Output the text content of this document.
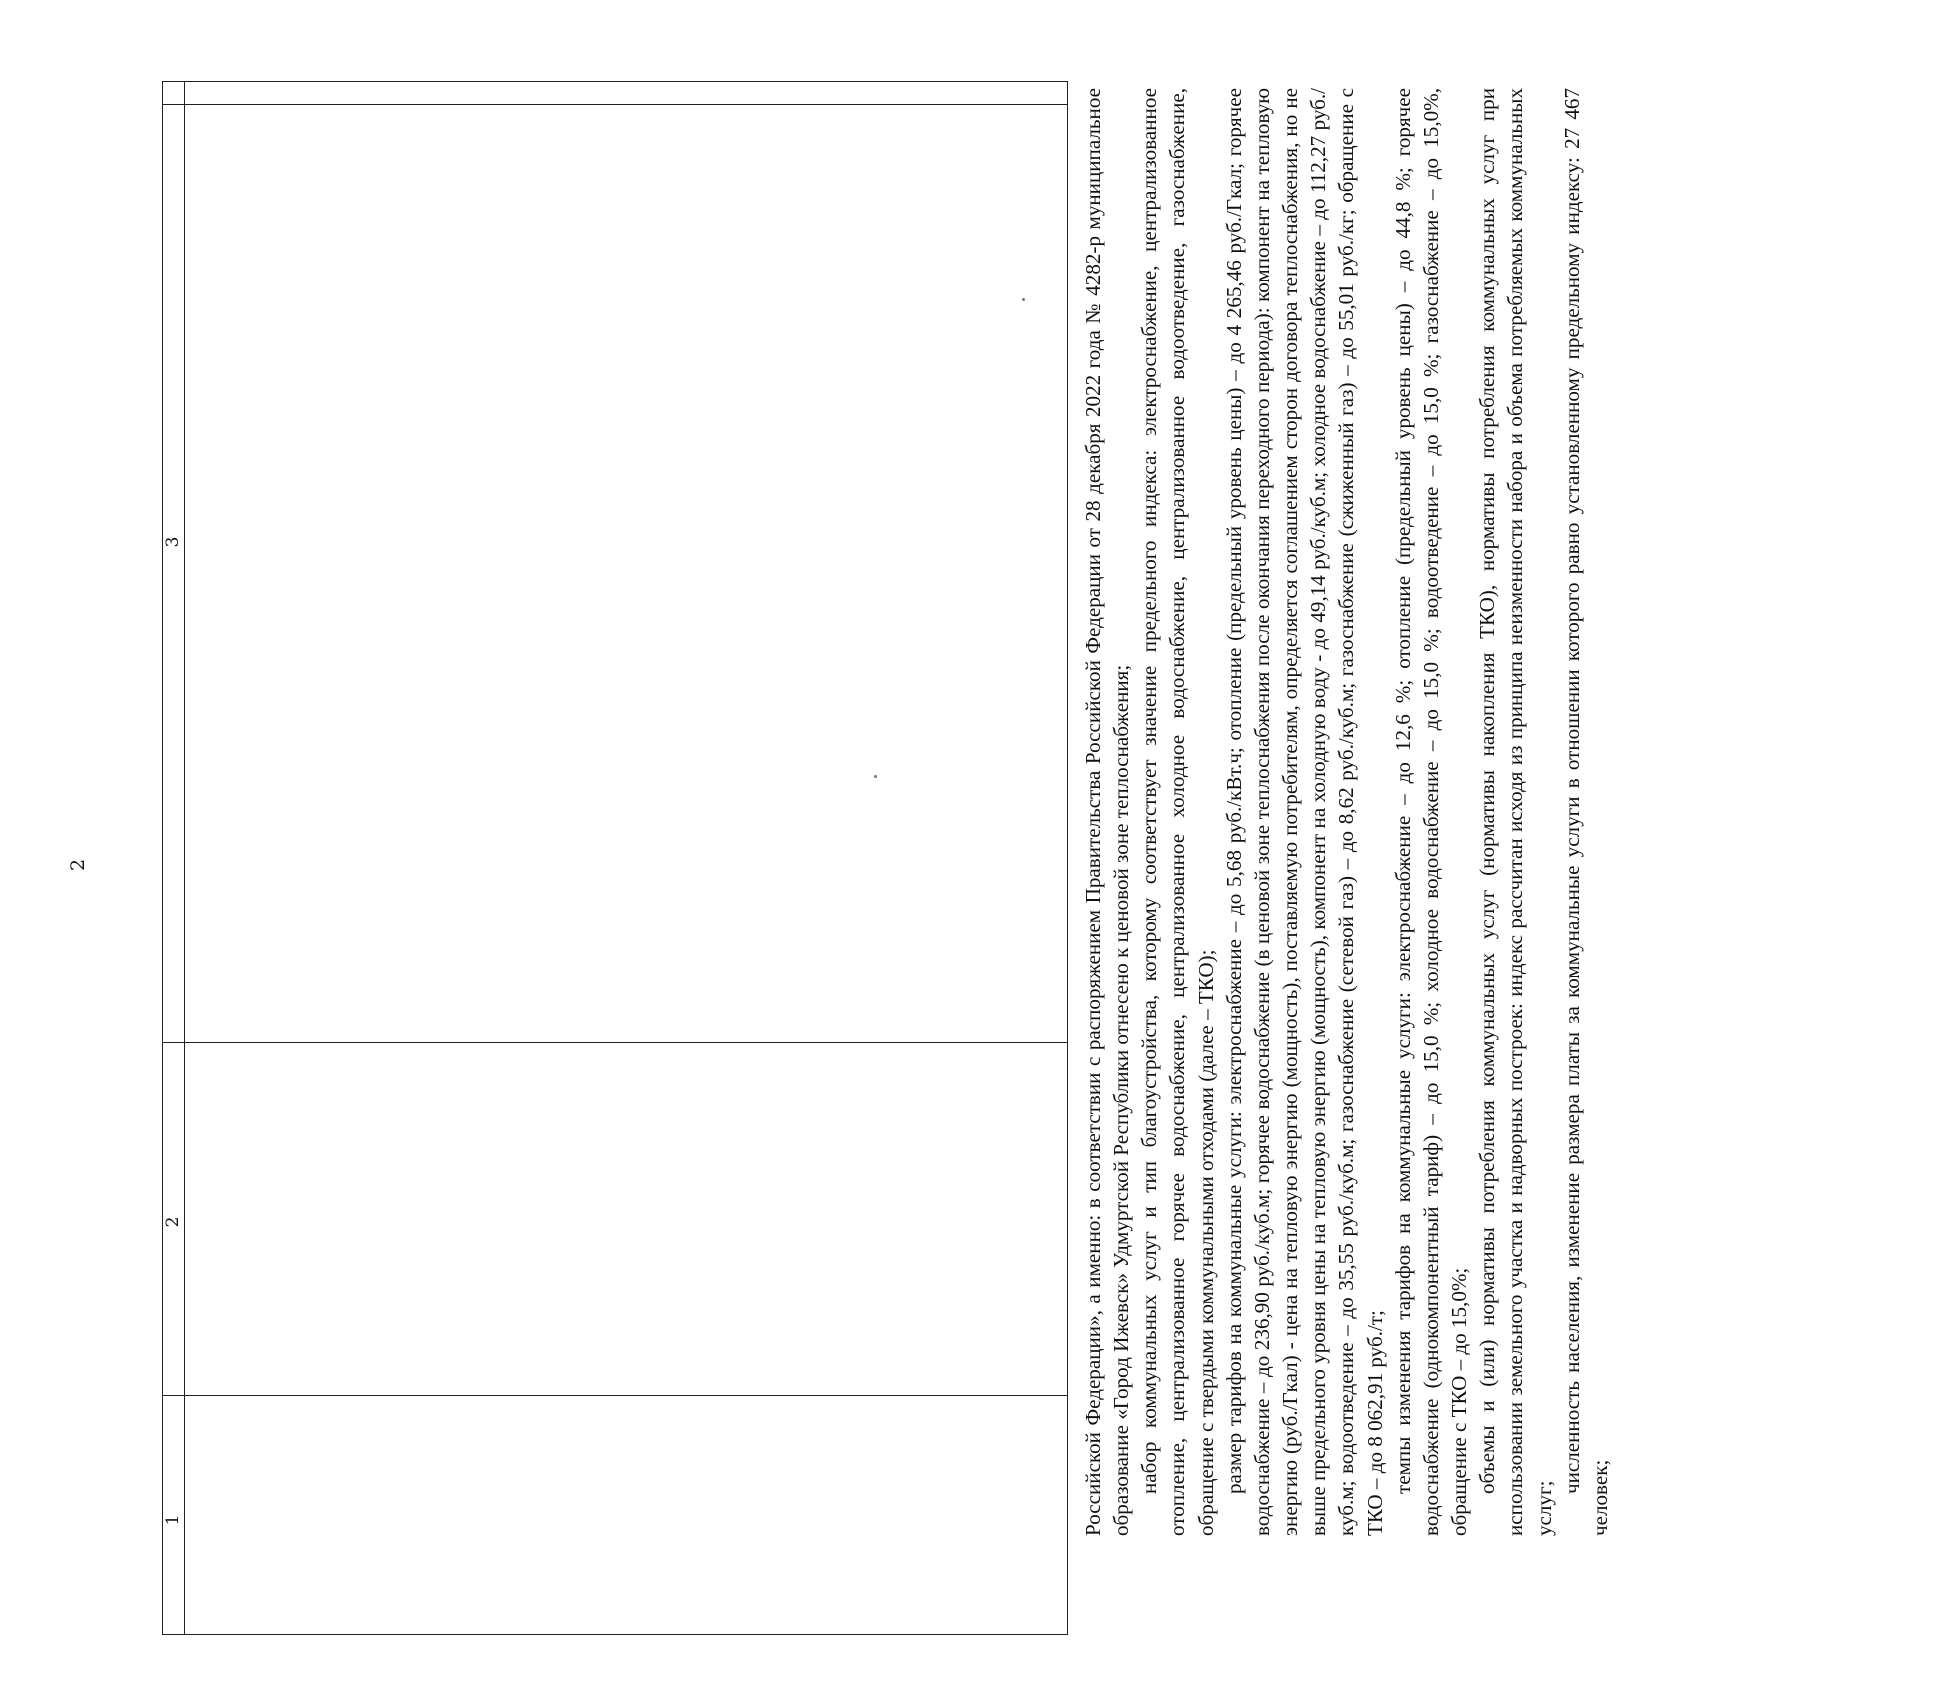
2
1
2
3	Российской Федерации», а именно: в соответствии с распоряжением Правительства Российской Федерации от 28 декабря 2022 года № 4282-р муниципальное образование «Город Ижевск» Удмуртской Республики отнесено к ценовой зоне теплоснабжения; набор коммунальных услуг и тип благоустройства, которому соответствует значение предельного индекса: электроснабжение, централизованное отопление, централизованное горячее водоснабжение, централизованное холодное водоснабжение, централизованное водоотведение, газоснабжение, обращение с твердыми коммунальными отходами (далее – ТКО); размер тарифов на коммунальные услуги: электроснабжение – до 5,68 руб./кВт.ч; отопление (предельный уровень цены) – до 4 265,46 руб./Гкал; горячее водоснабжение – до 236,90 руб./куб.м; горячее водоснабжение (в ценовой зоне теплоснабжения после окончания переходного периода): компонент на тепловую энергию (руб./Гкал) - цена на тепловую энергию (мощность), поставляемую потребителям, определяется соглашением сторон договора теплоснабжения, но не выше предельного уровня цены на тепловую энергию (мощность), компонент на холодную воду - до 49,14 руб./куб.м; холодное водоснабжение – до 112,27 руб./куб.м; водоотведение – до 35,55 руб./куб.м; газоснабжение (сетевой газ) – до 8,62 руб./куб.м; газоснабжение (сжиженный газ) – до 55,01 руб./кг; обращение с ТКО – до 8 062,91 руб./т; темпы изменения тарифов на коммунальные услуги: электроснабжение – до 12,6 %; отопление (предельный уровень цены) – до 44,8 %; горячее водоснабжение (однокомпонентный тариф) – до 15,0 %; холодное водоснабжение – до 15,0 %; водоотведение – до 15,0 %; газоснабжение – до 15,0%, обращение с ТКО – до 15,0%; объемы и (или) нормативы потребления коммунальных услуг (нормативы накопления ТКО), нормативы потребления коммунальных услуг при использовании земельного участка и надворных построек: индекс рассчитан исходя из принципа неизменности набора и объема потребляемых коммунальных услуг;

численность населения, изменение размера платы за коммунальные услуги в отношении которого равно установленному предельному индексу: 27 467 человек;
